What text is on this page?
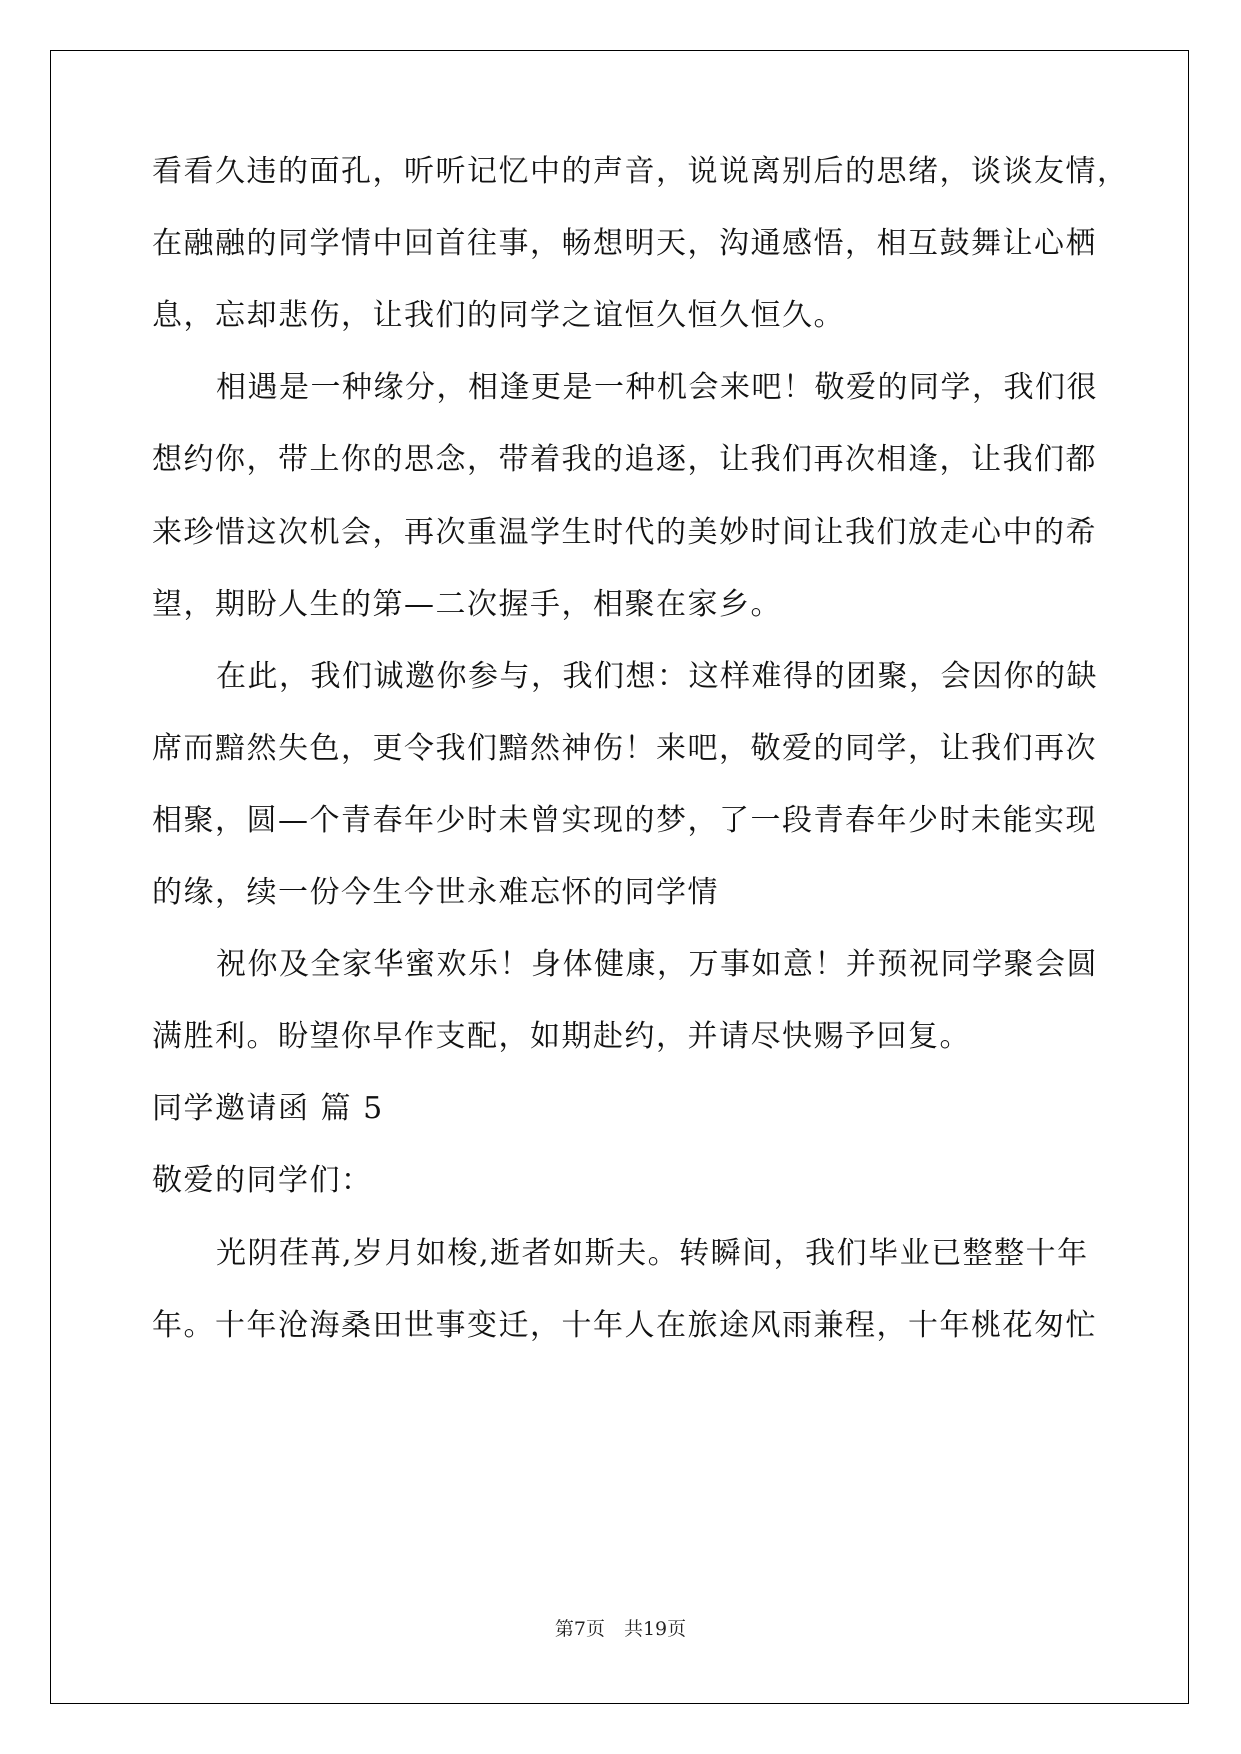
看看久违的面孔，听听记忆中的声音，说说离别后的思绪，谈谈友情，
在融融的同学情中回首往事，畅想明天，沟通感悟，相互鼓舞让心栖
息，忘却悲伤，让我们的同学之谊恒久恒久恒久。
相遇是一种缘分，相逢更是一种机会来吧！敬爱的同学，我们很
想约你，带上你的思念，带着我的追逐，让我们再次相逢，让我们都
来珍惜这次机会，再次重温学生时代的美妙时间让我们放走心中的希
望，期盼人生的第—二次握手，相聚在家乡。
在此，我们诚邀你参与，我们想：这样难得的团聚，会因你的缺
席而黯然失色，更令我们黯然神伤！来吧，敬爱的同学，让我们再次
相聚，圆—个青春年少时未曾实现的梦，了一段青春年少时未能实现
的缘，续一份今生今世永难忘怀的同学情
祝你及全家华蜜欢乐！身体健康，万事如意！并预祝同学聚会圆
满胜利。盼望你早作支配，如期赴约，并请尽快赐予回复。
同学邀请函 篇 5
敬爱的同学们：
光阴荏苒,岁月如梭,逝者如斯夫。转瞬间，我们毕业已整整十年
年。十年沧海桑田世事变迁，十年人在旅途风雨兼程，十年桃花匆忙
第7页　共19页
